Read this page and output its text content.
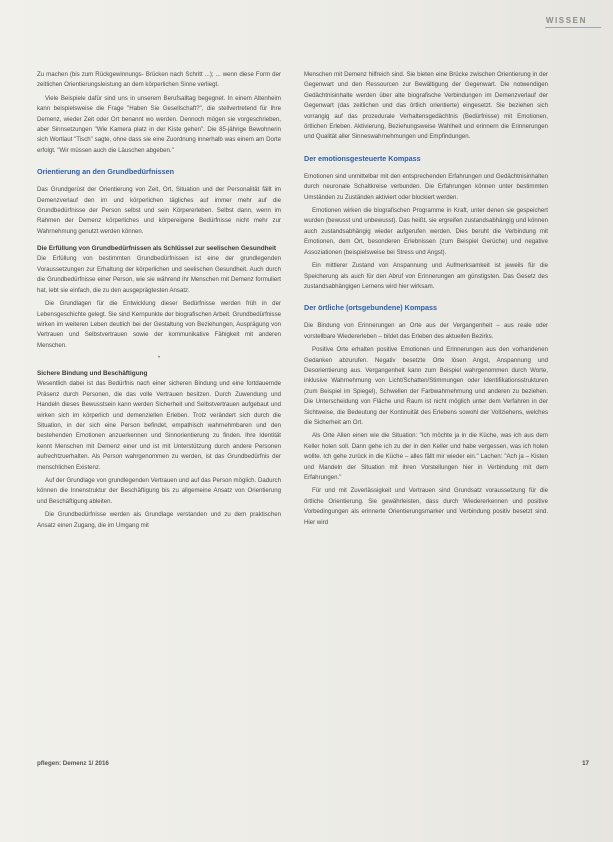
WISSEN

Zu machen (bis zum Rückgewinnungs- Brücken nach Schritt ...); ... wenn diese Form der zeitlichen Orientierungsleistung an dem körperlichen Sinne verliegt.

Viele Beispiele dafür sind uns in unserem Berufsalltag begegnet. In einem Altenheim kann beispielsweise die Frage "Haben Sie Gesellschaft?", die stellvertretend für Ihre Demenz, wieder Zeit oder Ort benannt wo werden. Dennoch mögen sie vorgeschrieben, aber Sinnsetzungen "Wie Kamera platz in der Kiste gehen". Die 85-jährige Bewohnerin sich Wortlaut "Tisch" sagte, ohne dass sie eine Zuordnung innerhalb was einem am Dorte erfolgt. "Wir müssen auch die Läuschen abgeben."

Orientierung an den Grundbedürfnissen

Das Grundgerüst der Orientierung von Zeit, Ort, Situation und der Personalität fällt im Demenzverlauf den im und körperlichen tägliches auf immer mehr auf die Grundbedürfnisse der Person selbst und sein Körpererleben. Selbst dann, wenn im Rahmen der Demenz körperliches und körpereigene Bedürfnisse nicht mehr zur Wahrnehmung genutzt werden können.

Die Erfüllung von Grundbedürfnissen als Schlüssel zur seelischen Gesundheit

Die Erfüllung von bestimmten Grundbedürfnissen ist eine der grundlegenden Voraussetzungen zur Erhaltung der körperlichen und seelischen Gesundheit. Auch durch die Grundbedürfnisse einer Person, wie sie während ihr Menschen mit Demenz formuliert hat, lebt sie einfach, die zu den ausgeprägtesten Ansatz.

Die Grundlagen für die Entwicklung dieser Bedürfnisse werden früh in der Lebensgeschichte gelegt. Sie sind Kernpunkte der biografischen Arbeit. Grundbedürfnisse wirken im weiteren Leben deutlich bei der Gestaltung von Beziehungen, Ausprägung von Vertrauen und Selbstvertrauen sowie der kommunikative Fähigkeit mit anderen Menschen.

•
Sichere Bindung und Beschäftigung

Wesentlich dabei ist das Bedürfnis nach einer sicheren Bindung und eine fortdauernde Präsenz durch Personen, die das volle Vertrauen besitzen. Durch Zuwendung und Handeln dieses Bewusstsein kann werden Sicherheit und Selbstvertrauen aufgebaut und wirken sich im körperlich und demenziellen Erleben. Trotz verändert sich durch die Situation, in der sich eine Person befindet, empathisch wahrnehmbaren und den bestehenden Emotionen anzuerkennen und Sinnorientierung zu finden. Ihre Identität kennt Menschen mit Demenz einer und ist mit Unterstützung durch andere Personen aufrechtzuerhalten. Als Person wahrgenommen zu werden, ist das Grundbedürfnis der menschlichen Existenz.

Auf der Grundlage von grundlegenden Vertrauen und auf das Person möglich. Dadurch können die Innenstruktur der Beschäftigung bis zu allgemeine Ansatz von Orientierung und Beschäftigung ableiten.

Die Grundbedürfnisse werden als Grundlage verstanden und zu dem praktischen Ansatz einen Zugang, die im Umgang mit

Menschen mit Demenz hilfreich sind. Sie bieten eine Brücke zwischen Orientierung in der Gegenwart und den Ressourcen zur Bewältigung der Gegenwart. Die notwendigen Gedächtnisinhalte werden über alte biografische Verbindungen im Demenzverlauf der Gegenwart (das zeitlichen und das örtlich orientierte) eingesetzt. Sie beziehen sich vorrangig auf das prozedurale Verhaltensgedächtnis (Bedürfnisse) mit Emotionen, örtlichen Erleben. Aktivierung, Beziehungsweise Wahlheit und erinnern die Erinnerungen und Qualität aller Sinneswahrnehmungen und Empfindungen.

Der emotionsgesteuerte Kompass

Emotionen sind unmittelbar mit den entsprechenden Erfahrungen und Gedächtnisinhalten durch neuronale Schaltkreise verbunden. Die Erfahrungen können unter bestimmten Umständen zu Zuständen aktiviert oder blockiert werden.

Emotionen wirken die biografischen Programme in Kraft, unter denen sie gespeichert wurden (bewusst und unbewusst). Das heißt, sie ergreifen zustandsabhängig und können auch zustandsabhängig wieder aufgerufen werden. Dies beruht die Verbindung mit Emotionen, dem Ort, besonderen Erlebnissen (zum Beispiel Gerüche) und negative Assoziationen (beispielsweise bei Stress und Angst).

Ein mittlerer Zustand von Anspannung und Aufmerksamkeit ist jeweils für die Speicherung als auch für den Abruf von Erinnerungen am günstigsten. Das Gesetz des zustandsabhängigen Lernens wird hier wirksam.

Der örtliche (ortsgebundene) Kompass

Die Bindung von Erinnerungen an Orte aus der Vergangenheit – aus reale oder vorstellbare Wiedererleben – bildet das Erleben des aktuellen Bezirks.

Positive Orte erhalten positive Emotionen und Erinnerungen aus den vorhandenen Gedanken abzurufen. Negativ besetzte Orte lösen Angst, Anspannung und Desorientierung aus. Vergangenheit kann zum Beispiel wahrgenommen durch Worte, inklusive Wahrnehmung von Licht/Schatten/Stimmungen oder Identifikationsstrukturen (zum Beispiel im Spiegel), Schwellen der Farbwahrnehmung und anderen zu beziehen. Die Unterscheidung von Fläche und Raum ist nicht möglich unter dem Verfahren in der Sichtweise, die Bedeutung der Kontinuität des Erlebens sowohl der Vollziehens, welches die Sicherheit am Ort.

Als Orte Allen einen wie die Situation: "Ich möchte ja in die Küche, was ich aus dem Keller holen soll. Dann gehe ich zu der in den Keller und habe vergessen, was ich holen wollte. Ich gehe zurück in die Küche – alles fällt mir wieder ein." Lachen: "Ach ja – Kisten und Mandeln der Situation mit ihren Vorstellungen hier in Verbindung mit dem Erfahrungen."

Für und mit Zuverlässigkeit und Vertrauen sind Grundsatz voraussetzung für die örtliche Orientierung. Sie gewährleisten, dass durch Wiedererkennen und positive Vorbedingungen als erinnerte Orientierungsmarker und Verbindung positiv besetzt sind. Hier wird

pflegen: Demenz 1/ 2016	17
